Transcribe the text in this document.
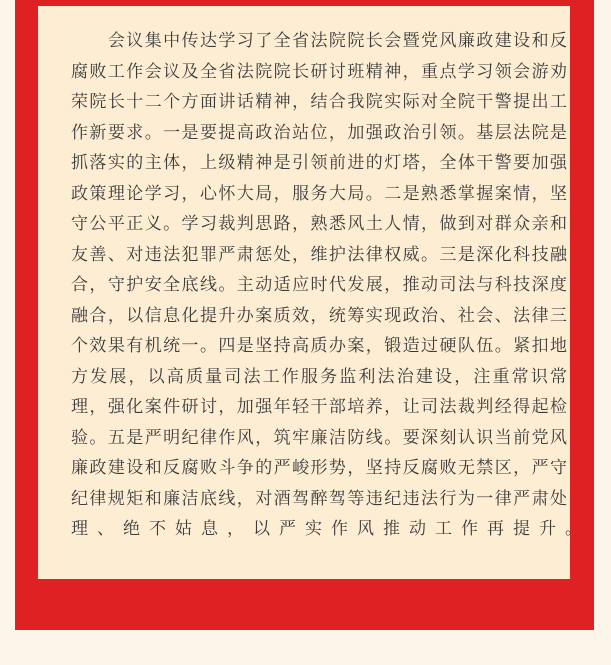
　　会议集中传达学习了全省法院院长会暨党风廉政建设和反
腐败工作会议及全省法院院长研讨班精神，重点学习领会游劝
荣院长十二个方面讲话精神，结合我院实际对全院干警提出工
作新要求。一是要提高政治站位，加强政治引领。基层法院是
抓落实的主体，上级精神是引领前进的灯塔，全体干警要加强
政策理论学习，心怀大局，服务大局。二是熟悉掌握案情，坚
守公平正义。学习裁判思路，熟悉风土人情，做到对群众亲和
友善、对违法犯罪严肃惩处，维护法律权威。三是深化科技融
合，守护安全底线。主动适应时代发展，推动司法与科技深度
融合，以信息化提升办案质效，统筹实现政治、社会、法律三
个效果有机统一。四是坚持高质办案，锻造过硬队伍。紧扣地
方发展，以高质量司法工作服务监利法治建设，注重常识常
理，强化案件研讨，加强年轻干部培养，让司法裁判经得起检
验。五是严明纪律作风，筑牢廉洁防线。要深刻认识当前党风
廉政建设和反腐败斗争的严峻形势，坚持反腐败无禁区，严守
纪律规矩和廉洁底线，对酒驾醉驾等违纪违法行为一律严肃处
理、绝不姑息，以严实作风推动工作再提升。
